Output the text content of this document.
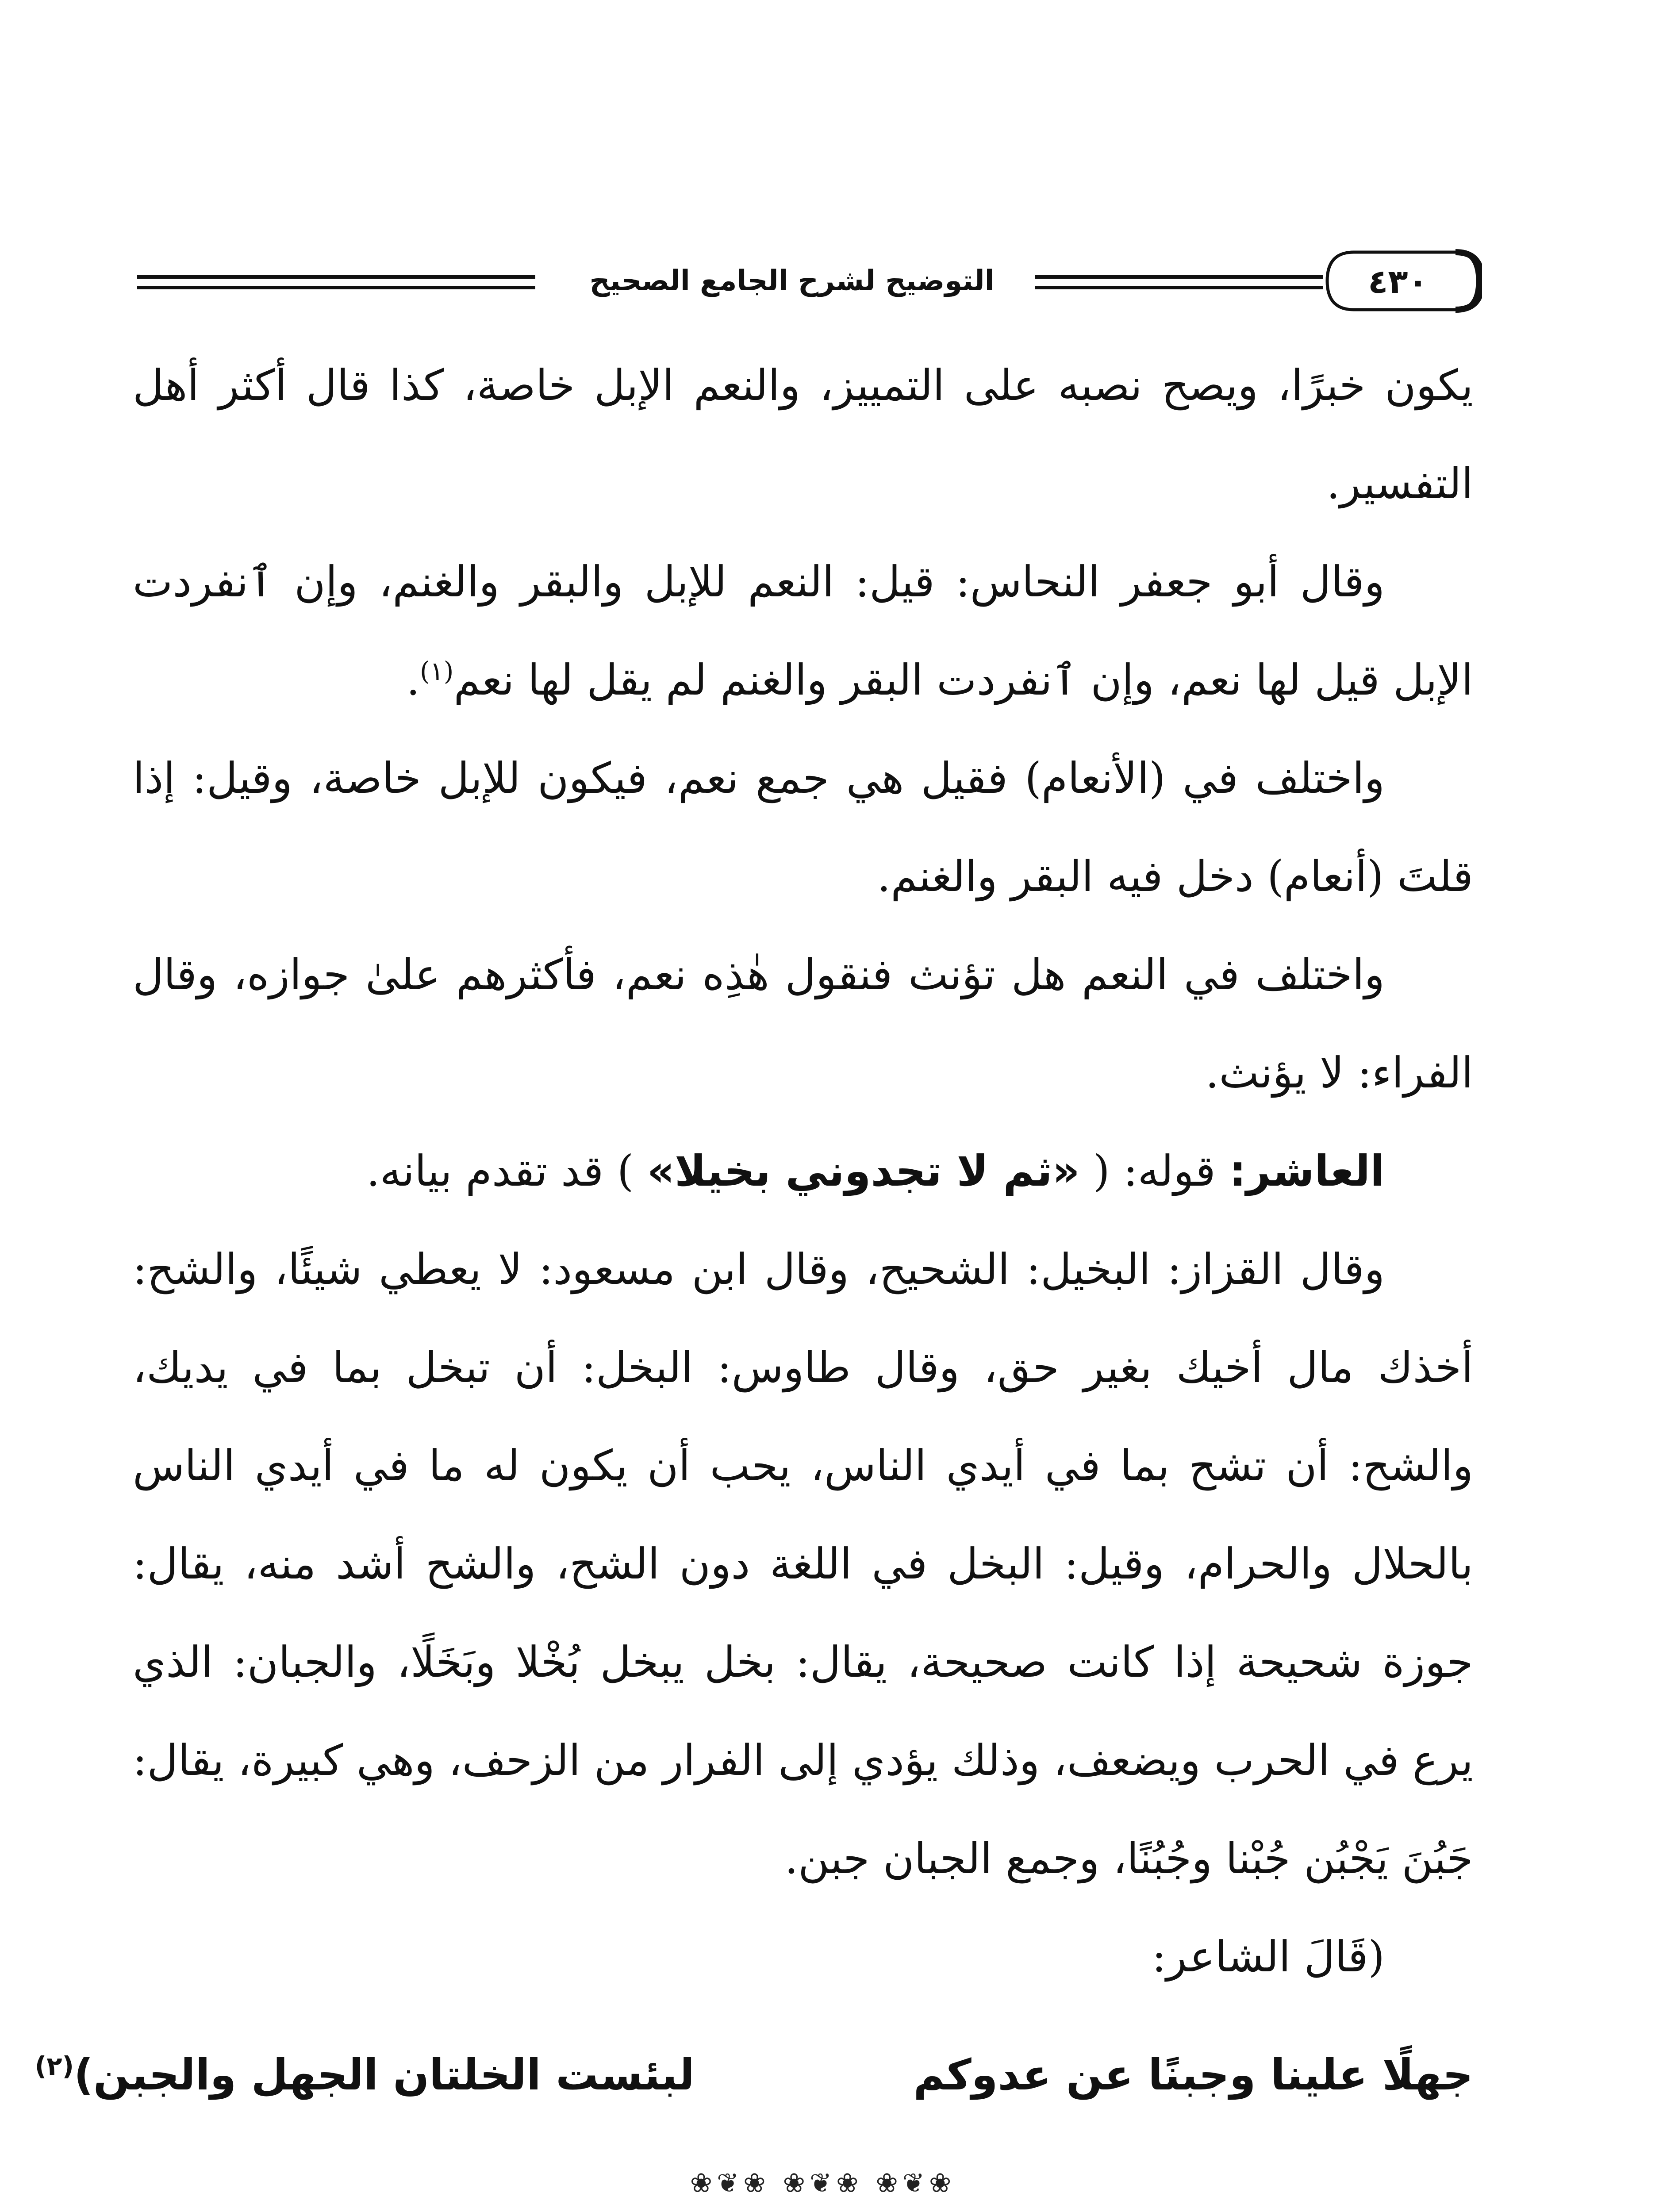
٤٣٠
التوضيح لشرح الجامع الصحيح

يكون خبرًا، ويصح نصبه على التمييز، والنعم الإبل خاصة، كذا قال أكثر أهل التفسير.

وقال أبو جعفر النحاس: قيل: النعم للإبل والبقر والغنم، وإن ٱنفردت الإبل قيل لها نعم، وإن ٱنفردت البقر والغنم لم يقل لها نعم$^{(١)}$.

واختلف في (الأنعام) فقيل هي جمع نعم، فيكون للإبل خاصة، وقيل: إذا قلتَ (أنعام) دخل فيه البقر والغنم.

واختلف في النعم هل تؤنث فنقول هٰذِه نعم، فأكثرهم علىٰ جوازه، وقال الفراء: لا يؤنث.

العاشر: قوله: ( «ثم لا تجدوني بخيلا» ) قد تقدم بيانه.

وقال القزاز: البخيل: الشحيح، وقال ابن مسعود: لا يعطي شيئًا، والشح: أخذك مال أخيك بغير حق، وقال طاوس: البخل: أن تبخل بما في يديك، والشح: أن تشح بما في أيدي الناس، يحب أن يكون له ما في أيدي الناس بالحلال والحرام، وقيل: البخل في اللغة دون الشح، والشح أشد منه، يقال: جوزة شحيحة إذا كانت صحيحة، يقال: بخل يبخل بُخْلا وبَخَلًا، والجبان: الذي يرع في الحرب ويضعف، وذلك يؤدي إلى الفرار من الزحف، وهي كبيرة، يقال: جَبُنَ يَجْبُن جُبْنا وجُبُنًا، وجمع الجبان جبن.

(قَالَ الشاعر:

جهلًا علينا وجبنًا عن عدوكم
لبئست الخلتان الجهل والجبن)$^{(٢)}$
❀❦❀ ❀❦❀ ❀❦❀
